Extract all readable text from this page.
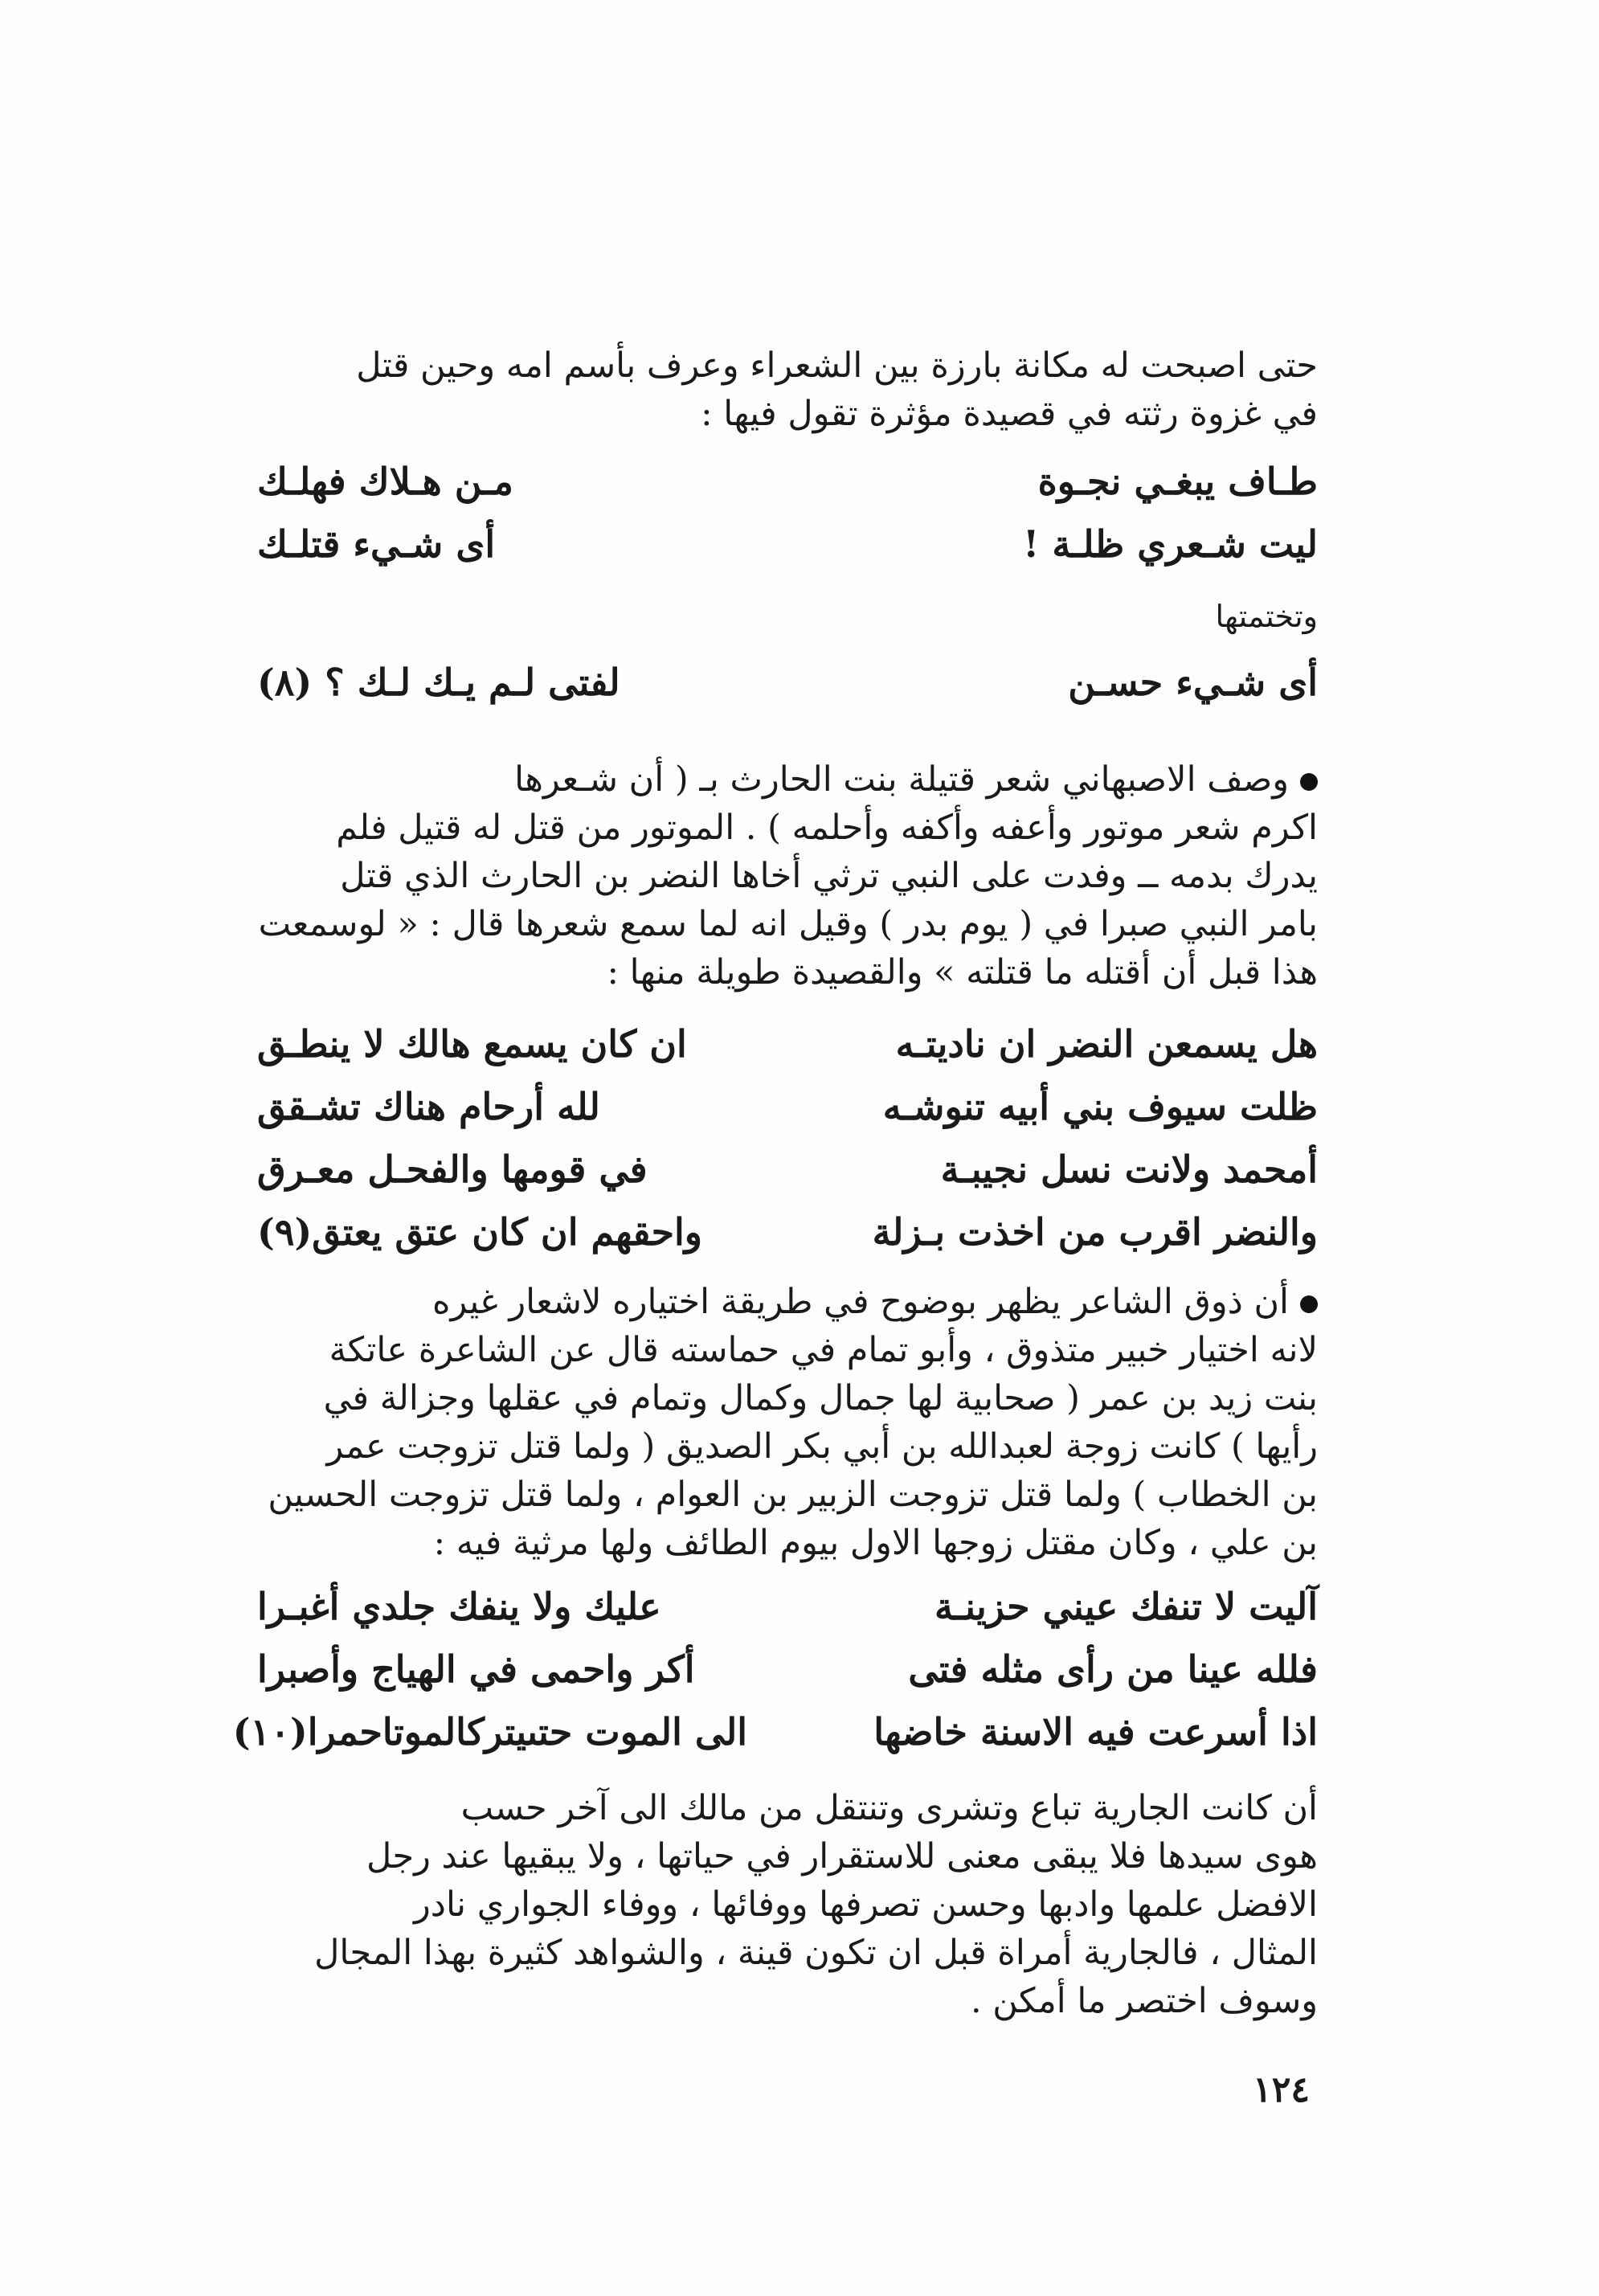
حتى اصبحت له مكانة بارزة بين الشعراء وعرف بأسم امه وحين قتل

في غزوة رثته في قصيدة مؤثرة تقول فيها :

طـاف يبغـي نجـوة
مـن هـلاك فهلـك
ليت شـعري ظلـة !
أى شـيء قتلـك
وتختمتها
أى شـيء حسـن
لفتى لـم يـك لـك ؟ (٨)

وصف الاصبهاني شعر قتيلة بنت الحارث بـ ( أن شـعرها

اكرم شعر موتور وأعفه وأكفه وأحلمه ) . الموتور من قتل له قتيل فلم

يدرك بدمه ــ وفدت على النبي ترثي أخاها النضر بن الحارث الذي قتل

بامر النبي صبرا في ( يوم بدر ) وقيل انه لما سمع شعرها قال : « لوسمعت

هذا قبل أن أقتله ما قتلته » والقصيدة طويلة منها :

هل يسمعن النضر ان ناديتـه
ان كان يسمع هالك لا ينطـق
ظلت سيوف بني أبيه تنوشـه
لله أرحام هناك تشـقق
أمحمد ولانت نسل نجيبـة
في قومها والفحـل معـرق
والنضر اقرب من اخذت بـزلة
واحقهم ان كان عتق يعتق(٩)

أن ذوق الشاعر يظهر بوضوح في طريقة اختياره لاشعار غيره

لانه اختيار خبير متذوق ، وأبو تمام في حماسته قال عن الشاعرة عاتكة

بنت زيد بن عمر ( صحابية لها جمال وكمال وتمام في عقلها وجزالة في

رأيها ) كانت زوجة لعبدالله بن أبي بكر الصديق ( ولما قتل تزوجت عمر

بن الخطاب ) ولما قتل تزوجت الزبير بن العوام ، ولما قتل تزوجت الحسين

بن علي ، وكان مقتل زوجها الاول بيوم الطائف ولها مرثية فيه :

آليت لا تنفك عيني حزينـة
عليك ولا ينفك جلدي أغبـرا
فلله عينا من رأى مثله فتى
أكر واحمى في الهياج وأصبرا
اذا أسرعت فيه الاسنة خاضها
الى الموت حتىيتركالموتاحمرا(١٠)

أن كانت الجارية تباع وتشرى وتنتقل من مالك الى آخر حسب

هوى سيدها فلا يبقى معنى للاستقرار في حياتها ، ولا يبقيها عند رجل

الافضل علمها وادبها وحسن تصرفها ووفائها ، ووفاء الجواري نادر

المثال ، فالجارية أمراة قبل ان تكون قينة ، والشواهد كثيرة بهذا المجال

وسوف اختصر ما أمكن .

١٢٤
